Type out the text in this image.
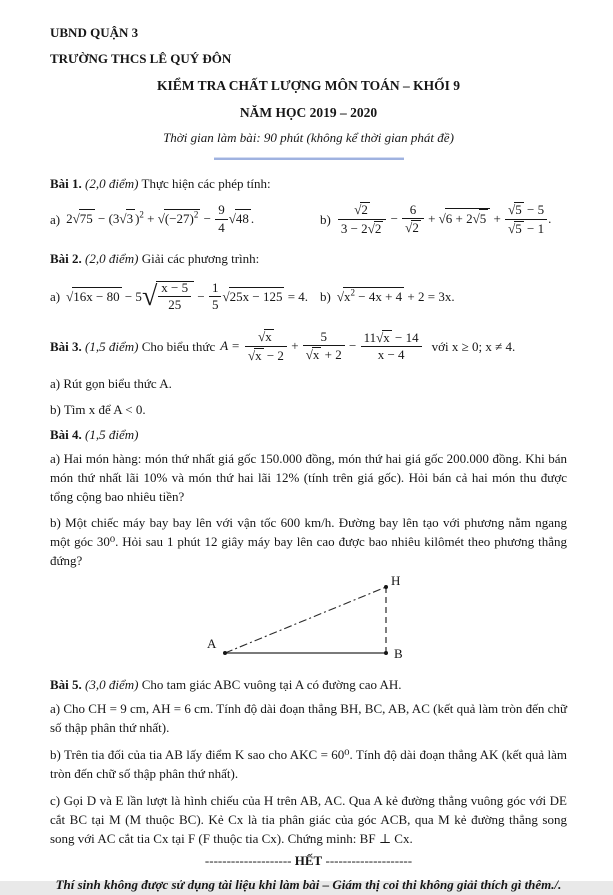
UBND QUẬN 3
TRƯỜNG THCS LÊ QUÝ ĐÔN
KIỂM TRA CHẤT LƯỢNG MÔN TOÁN – KHỐI 9
NĂM HỌC 2019 – 2020
Thời gian làm bài: 90 phút (không kể thời gian phát đề)
Bài 1. (2,0 điểm) Thực hiện các phép tính:
a) 2√75 − (3√3 )$^2 + √(-27)^2 - \frac{9}{4} √48$ .	$b) \frac{√2}{3 - 2√2} - \frac{6}{√2} + √6 + 2√5 + \frac{√5 - 5}{√5 - 1}$ .
Bài 2. (2,0 điểm) Giải các phương trình:
a) $√16x - 80 - 5√ \frac{x - 5}{25} - \frac{1}{5} √25x - 125 = 4$. b) $√x^2 - 4x + 4 + 2 = 3x$.
Bài 3. (1,5 điểm) Cho biểu thức $A = \frac{√x}{√x - 2} + \frac{5}{√x + 2} - \frac{11√x - 14}{x - 4}$ với x ≥ 0; x ≠ 4.
a) Rút gọn biểu thức A.
b) Tìm x để A < 0.
Bài 4. (1,5 điểm)
a) Hai món hàng: món thứ nhất giá gốc 150.000 đồng, món thứ hai giá gốc 200.000 đồng. Khi bán món thứ nhất lãi 10% và món thứ hai lãi 12% (tính trên giá gốc). Hỏi bán cả hai món thu được tổng cộng bao nhiêu tiền?
b) Một chiếc máy bay bay lên với vận tốc 600 km/h. Đường bay lên tạo với phương nằm ngang một góc 30⁰. Hỏi sau 1 phút 12 giây máy bay lên cao được bao nhiêu kilômét theo phương thẳng đứng?
A
B
H
Bài 5. (3,0 điểm) Cho tam giác ABC vuông tại A có đường cao AH.
a) Cho CH = 9 cm, AH = 6 cm. Tính độ dài đoạn thẳng BH, BC, AB, AC (kết quả làm tròn đến chữ số thập phân thứ nhất).
b) Trên tia đối của tia AB lấy điểm K sao cho AKC = 60⁰. Tính độ dài đoạn thẳng AK (kết quả làm tròn đến chữ số thập phân thứ nhất).
c) Gọi D và E lần lượt là hình chiếu của H trên AB, AC. Qua A kẻ đường thẳng vuông góc với DE cắt BC tại M (M thuộc BC). Kẻ Cx là tia phân giác của góc ACB, qua M kẻ đường thẳng song song với AC cắt tia Cx tại F (F thuộc tia Cx). Chứng minh: BF ⊥ Cx.
-------------------- HẾT --------------------
Thí sinh không được sử dụng tài liệu khi làm bài – Giám thị coi thi không giải thích gì thêm./.
